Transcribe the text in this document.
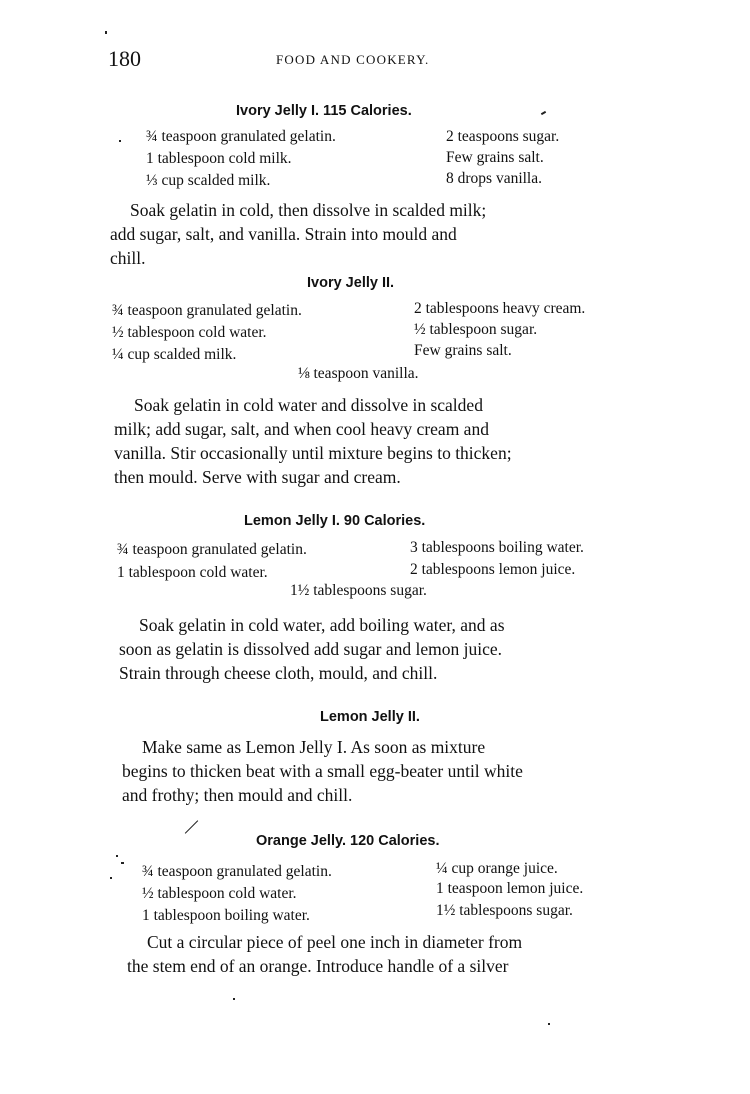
180	FOOD AND COOKERY.
Ivory Jelly I. 115 Calories.
¾ teaspoon granulated gelatin.
1 tablespoon cold milk.
⅓ cup scalded milk.
2 teaspoons sugar.
Few grains salt.
8 drops vanilla.
Soak gelatin in cold, then dissolve in scalded milk;
add sugar, salt, and vanilla. Strain into mould and
chill.
Ivory Jelly II.
¾ teaspoon granulated gelatin.
½ tablespoon cold water.
¼ cup scalded milk.
2 tablespoons heavy cream.
½ tablespoon sugar.
Few grains salt.
⅛ teaspoon vanilla.
Soak gelatin in cold water and dissolve in scalded
milk; add sugar, salt, and when cool heavy cream and
vanilla. Stir occasionally until mixture begins to thicken;
then mould. Serve with sugar and cream.
Lemon Jelly I. 90 Calories.
¾ teaspoon granulated gelatin.
1 tablespoon cold water.
3 tablespoons boiling water.
2 tablespoons lemon juice.
1½ tablespoons sugar.
Soak gelatin in cold water, add boiling water, and as
soon as gelatin is dissolved add sugar and lemon juice.
Strain through cheese cloth, mould, and chill.
Lemon Jelly II.
Make same as Lemon Jelly I. As soon as mixture
begins to thicken beat with a small egg-beater until white
and frothy; then mould and chill.
Orange Jelly. 120 Calories.
¾ teaspoon granulated gelatin.
½ tablespoon cold water.
1 tablespoon boiling water.
¼ cup orange juice.
1 teaspoon lemon juice.
1½ tablespoons sugar.
Cut a circular piece of peel one inch in diameter from
the stem end of an orange. Introduce handle of a silver
